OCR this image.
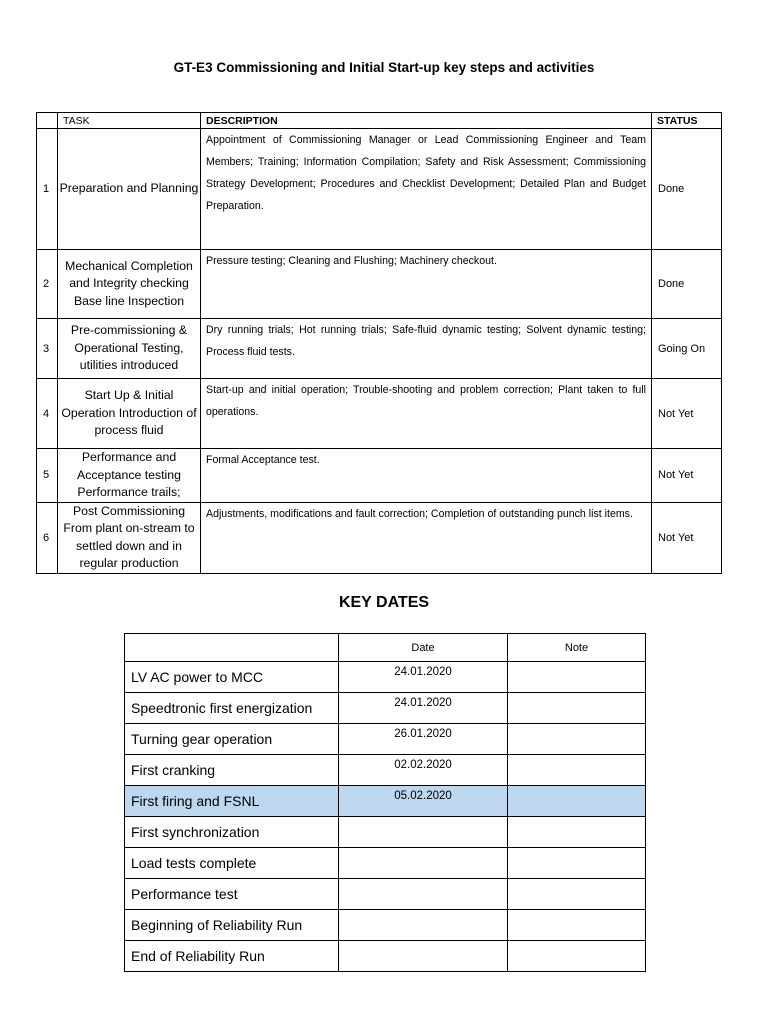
GT-E3 Commissioning and Initial Start-up key steps and activities
	TASK	DESCRIPTION	STATUS
1	Preparation and Planning	Appointment of Commissioning Manager or Lead Commissioning Engineer and Team Members; Training; Information Compilation; Safety and Risk Assessment; Commissioning Strategy Development; Procedures and Checklist Development; Detailed Plan and Budget Preparation.	Done
2	Mechanical Completion and Integrity checking Base line Inspection	Pressure testing; Cleaning and Flushing; Machinery checkout.	Done
3	Pre-commissioning & Operational Testing, utilities introduced	Dry running trials; Hot running trials; Safe-fluid dynamic testing; Solvent dynamic testing; Process fluid tests.	Going On
4	Start Up & Initial Operation Introduction of process fluid	Start-up and initial operation; Trouble-shooting and problem correction; Plant taken to full operations.	Not Yet
5	Performance and Acceptance testing Performance trails;	Formal Acceptance test.	Not Yet
6	Post Commissioning From plant on-stream to settled down and in regular production	Adjustments, modifications and fault correction; Completion of outstanding punch list items.	Not Yet
KEY DATES
	Date	Note
LV AC power to MCC	24.01.2020	
Speedtronic first energization	24.01.2020	
Turning gear operation	26.01.2020	
First cranking	02.02.2020	
First firing and FSNL	05.02.2020	
First synchronization		
Load tests complete		
Performance test		
Beginning of Reliability Run		
End of Reliability Run		
